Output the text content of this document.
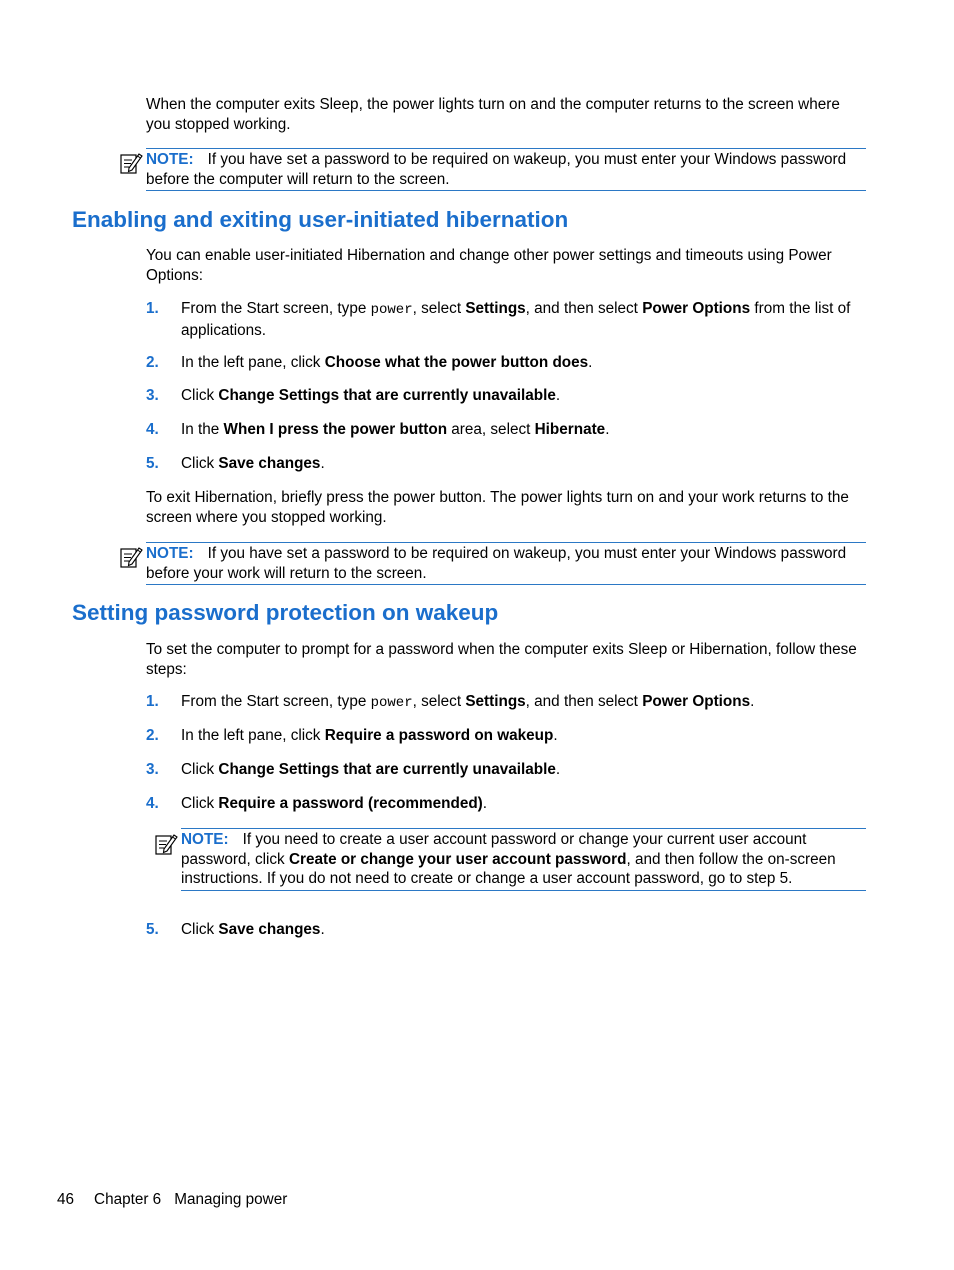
When the computer exits Sleep, the power lights turn on and the computer returns to the screen where you stopped working.
NOTE: If you have set a password to be required on wakeup, you must enter your Windows password before the computer will return to the screen.
Enabling and exiting user-initiated hibernation
You can enable user-initiated Hibernation and change other power settings and timeouts using Power Options:
1. From the Start screen, type power, select Settings, and then select Power Options from the list of applications.
2. In the left pane, click Choose what the power button does.
3. Click Change Settings that are currently unavailable.
4. In the When I press the power button area, select Hibernate.
5. Click Save changes.
To exit Hibernation, briefly press the power button. The power lights turn on and your work returns to the screen where you stopped working.
NOTE: If you have set a password to be required on wakeup, you must enter your Windows password before your work will return to the screen.
Setting password protection on wakeup
To set the computer to prompt for a password when the computer exits Sleep or Hibernation, follow these steps:
1. From the Start screen, type power, select Settings, and then select Power Options.
2. In the left pane, click Require a password on wakeup.
3. Click Change Settings that are currently unavailable.
4. Click Require a password (recommended).
NOTE: If you need to create a user account password or change your current user account password, click Create or change your user account password, and then follow the on-screen instructions. If you do not need to create or change a user account password, go to step 5.
5. Click Save changes.
46 Chapter 6 Managing power
